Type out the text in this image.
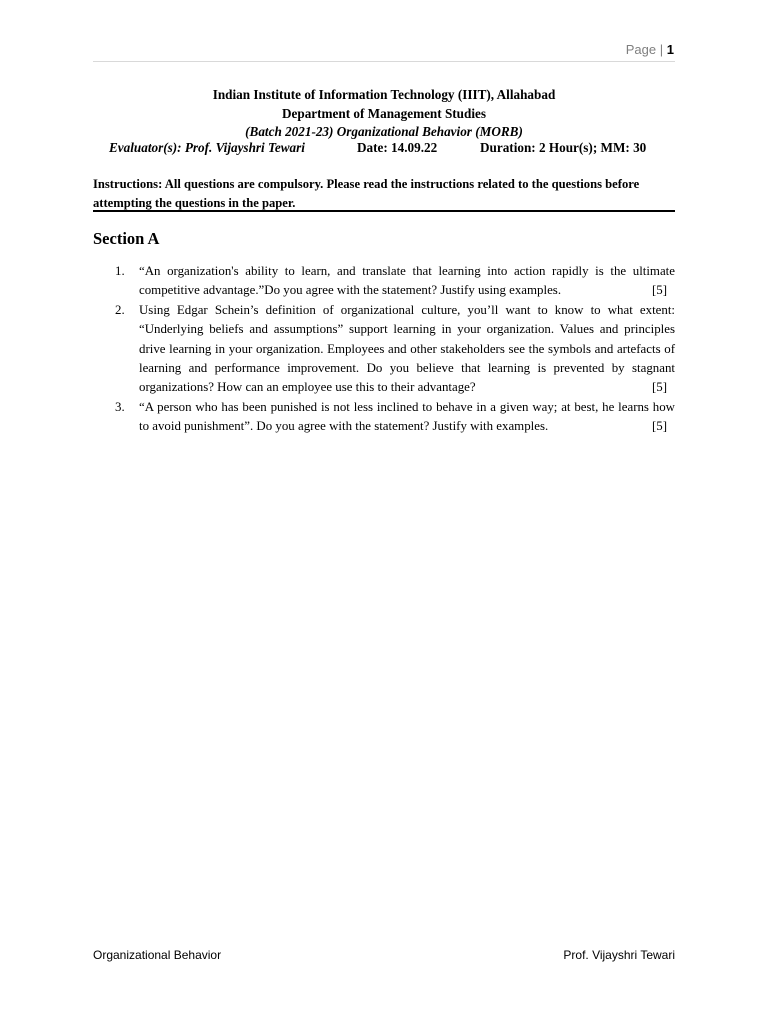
Page | 1
Indian Institute of Information Technology (IIIT), Allahabad
Department of Management Studies
(Batch 2021-23) Organizational Behavior (MORB)
Evaluator(s): Prof. Vijayshri Tewari	Date: 14.09.22	Duration: 2 Hour(s); MM: 30
Instructions: All questions are compulsory. Please read the instructions related to the questions before attempting the questions in the paper.
Section A
1. “An organization's ability to learn, and translate that learning into action rapidly is the ultimate competitive advantage.”Do you agree with the statement? Justify using examples.	[5]
2. Using Edgar Schein’s definition of organizational culture, you’ll want to know to what extent: “Underlying beliefs and assumptions” support learning in your organization. Values and principles drive learning in your organization. Employees and other stakeholders see the symbols and artefacts of learning and performance improvement. Do you believe that learning is prevented by stagnant organizations? How can an employee use this to their advantage?	[5]
3. “A person who has been punished is not less inclined to behave in a given way; at best, he learns how to avoid punishment”. Do you agree with the statement? Justify with examples.	[5]
Organizational Behavior	Prof. Vijayshri Tewari
